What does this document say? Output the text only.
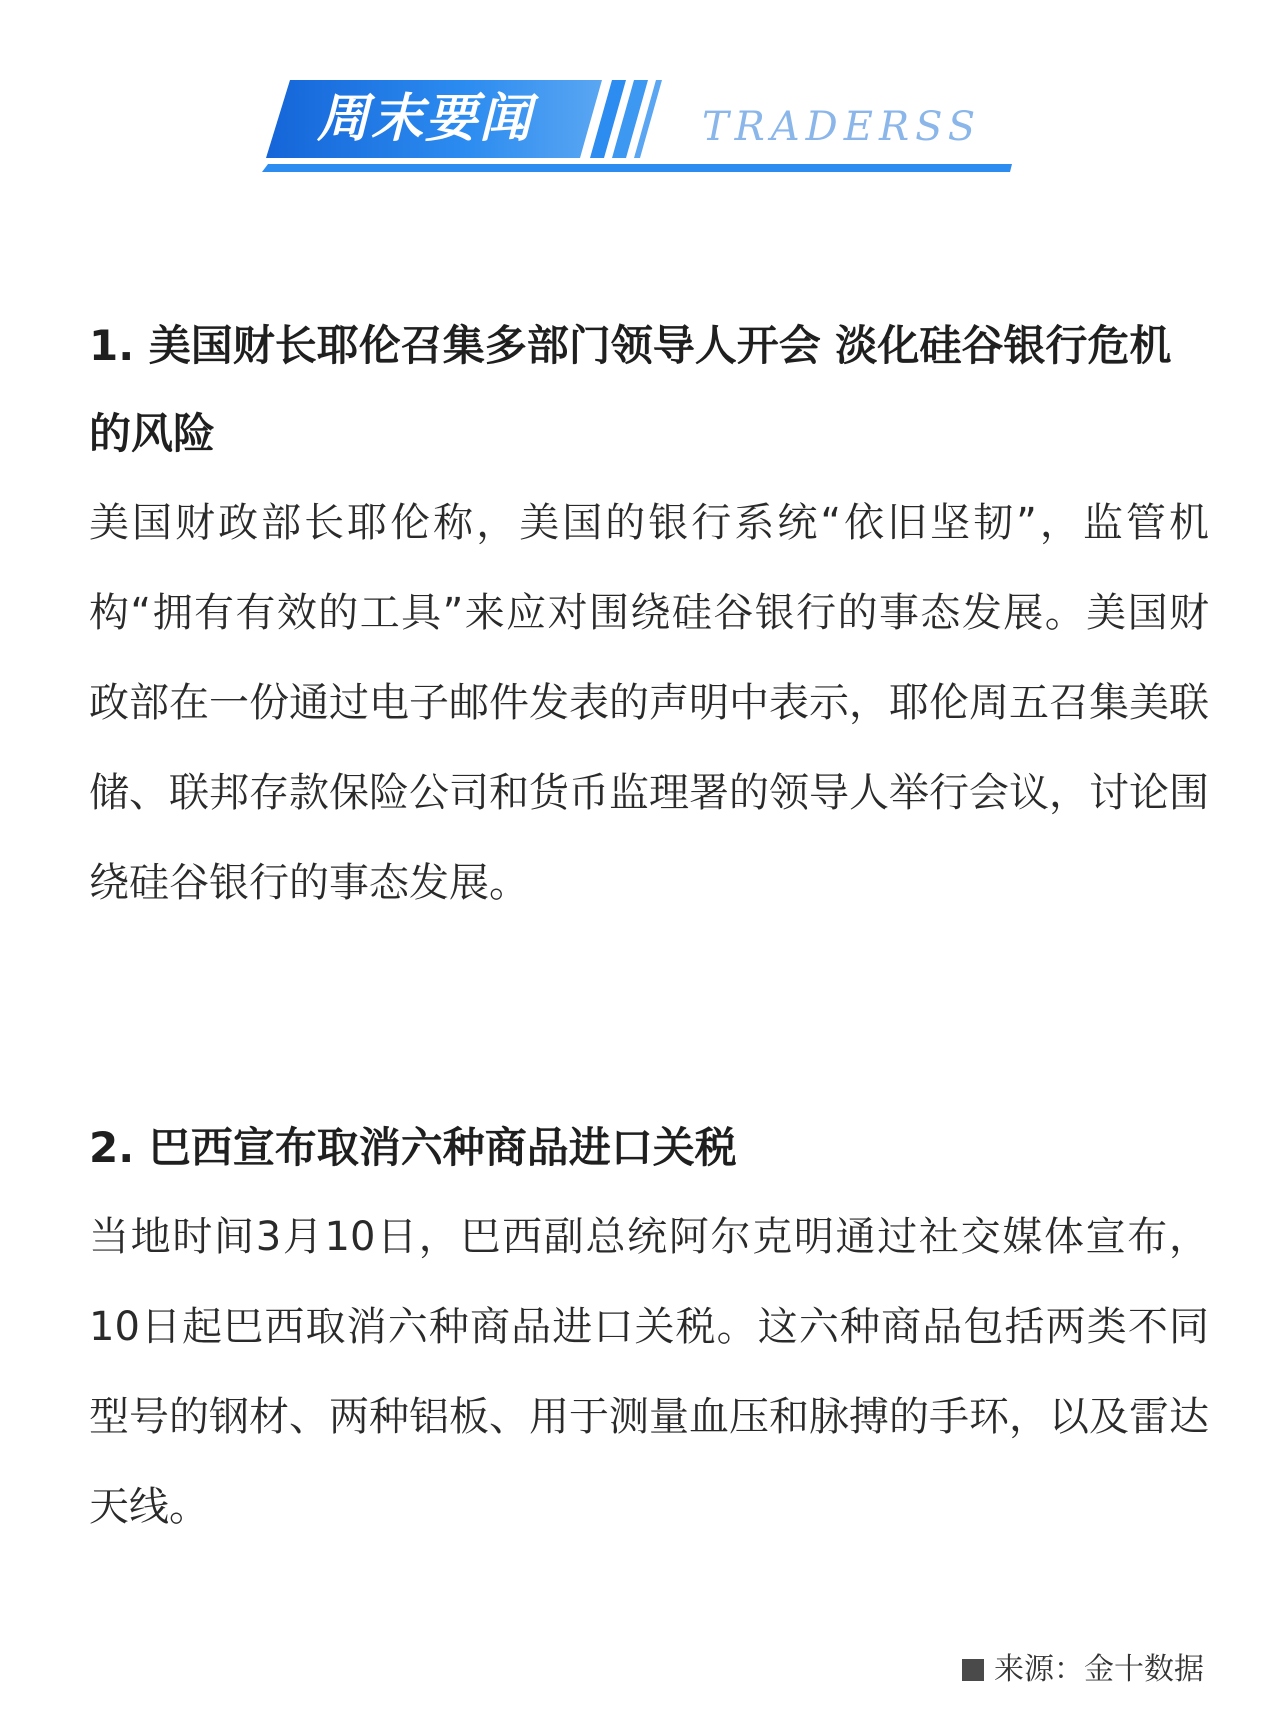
周末要闻	TRADERSS
1. 美国财长耶伦召集多部门领导人开会 淡化硅谷银行危机的风险

美国财政部长耶伦称，美国的银行系统“依旧坚韧”，监管机构“拥有有效的工具”来应对围绕硅谷银行的事态发展。美国财政部在一份通过电子邮件发表的声明中表示，耶伦周五召集美联储、联邦存款保险公司和货币监理署的领导人举行会议，讨论围绕硅谷银行的事态发展。

2. 巴西宣布取消六种商品进口关税

当地时间3月10日，巴西副总统阿尔克明通过社交媒体宣布，10日起巴西取消六种商品进口关税。这六种商品包括两类不同型号的钢材、两种铝板、用于测量血压和脉搏的手环，以及雷达天线。

来源：金十数据
